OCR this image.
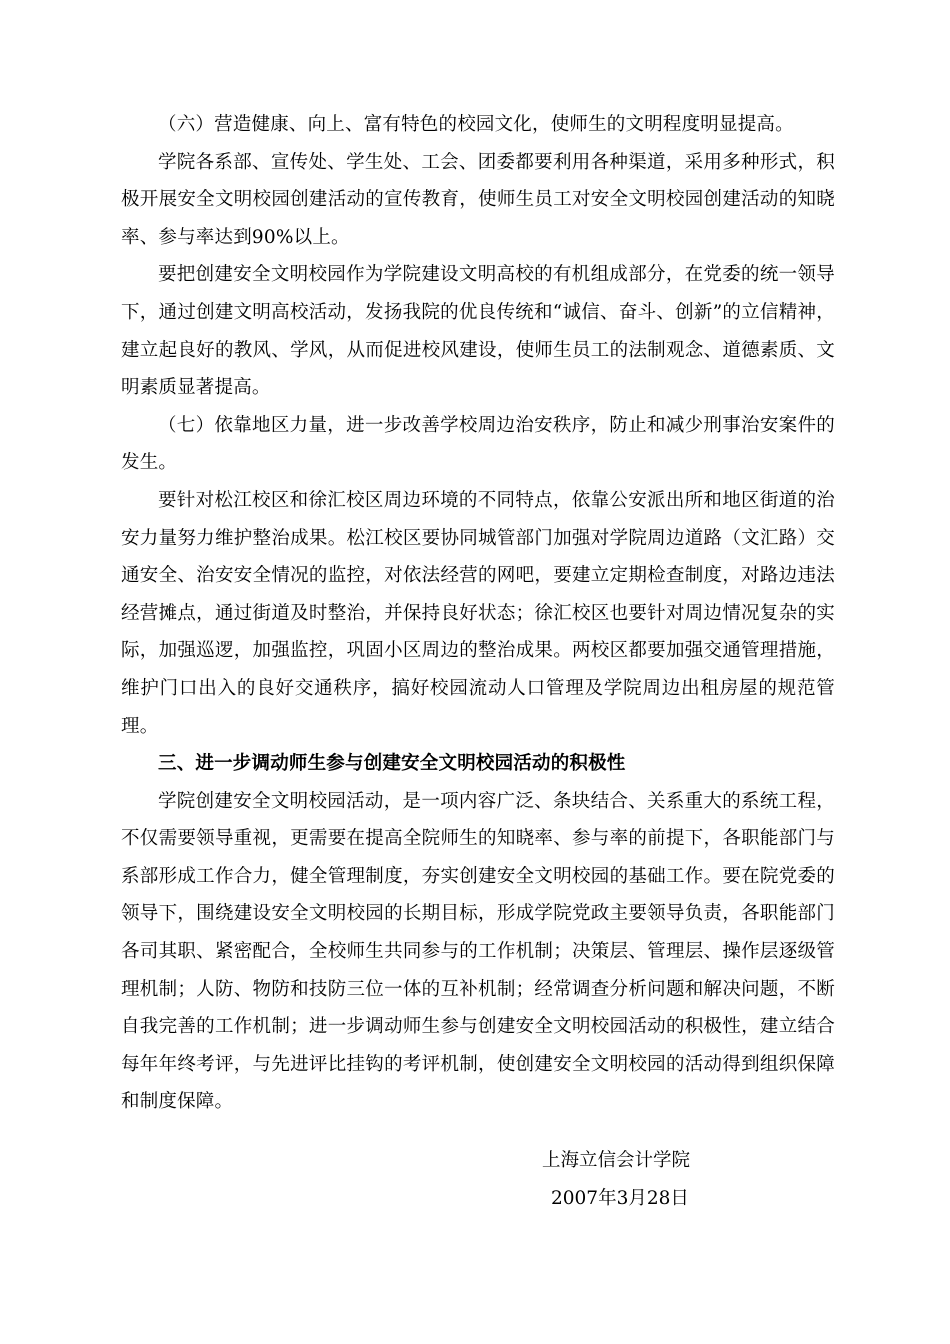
（六）营造健康、向上、富有特色的校园文化，使师生的文明程度明显提高。

学院各系部、宣传处、学生处、工会、团委都要利用各种渠道，采用多种形式，积极开展安全文明校园创建活动的宣传教育，使师生员工对安全文明校园创建活动的知晓率、参与率达到90%以上。

要把创建安全文明校园作为学院建设文明高校的有机组成部分，在党委的统一领导下，通过创建文明高校活动，发扬我院的优良传统和“诚信、奋斗、创新”的立信精神，建立起良好的教风、学风，从而促进校风建设，使师生员工的法制观念、道德素质、文明素质显著提高。

（七）依靠地区力量，进一步改善学校周边治安秩序，防止和减少刑事治安案件的发生。

要针对松江校区和徐汇校区周边环境的不同特点，依靠公安派出所和地区街道的治安力量努力维护整治成果。松江校区要协同城管部门加强对学院周边道路（文汇路）交通安全、治安安全情况的监控，对依法经营的网吧，要建立定期检查制度，对路边违法经营摊点，通过街道及时整治，并保持良好状态；徐汇校区也要针对周边情况复杂的实际，加强巡逻，加强监控，巩固小区周边的整治成果。两校区都要加强交通管理措施，维护门口出入的良好交通秩序，搞好校园流动人口管理及学院周边出租房屋的规范管理。

三、进一步调动师生参与创建安全文明校园活动的积极性

学院创建安全文明校园活动，是一项内容广泛、条块结合、关系重大的系统工程，不仅需要领导重视，更需要在提高全院师生的知晓率、参与率的前提下，各职能部门与系部形成工作合力，健全管理制度，夯实创建安全文明校园的基础工作。要在院党委的领导下，围绕建设安全文明校园的长期目标，形成学院党政主要领导负责，各职能部门各司其职、紧密配合，全校师生共同参与的工作机制；决策层、管理层、操作层逐级管理机制；人防、物防和技防三位一体的互补机制；经常调查分析问题和解决问题，不断自我完善的工作机制；进一步调动师生参与创建安全文明校园活动的积极性，建立结合每年年终考评，与先进评比挂钩的考评机制，使创建安全文明校园的活动得到组织保障和制度保障。

上海立信会计学院
2007年3月28日
